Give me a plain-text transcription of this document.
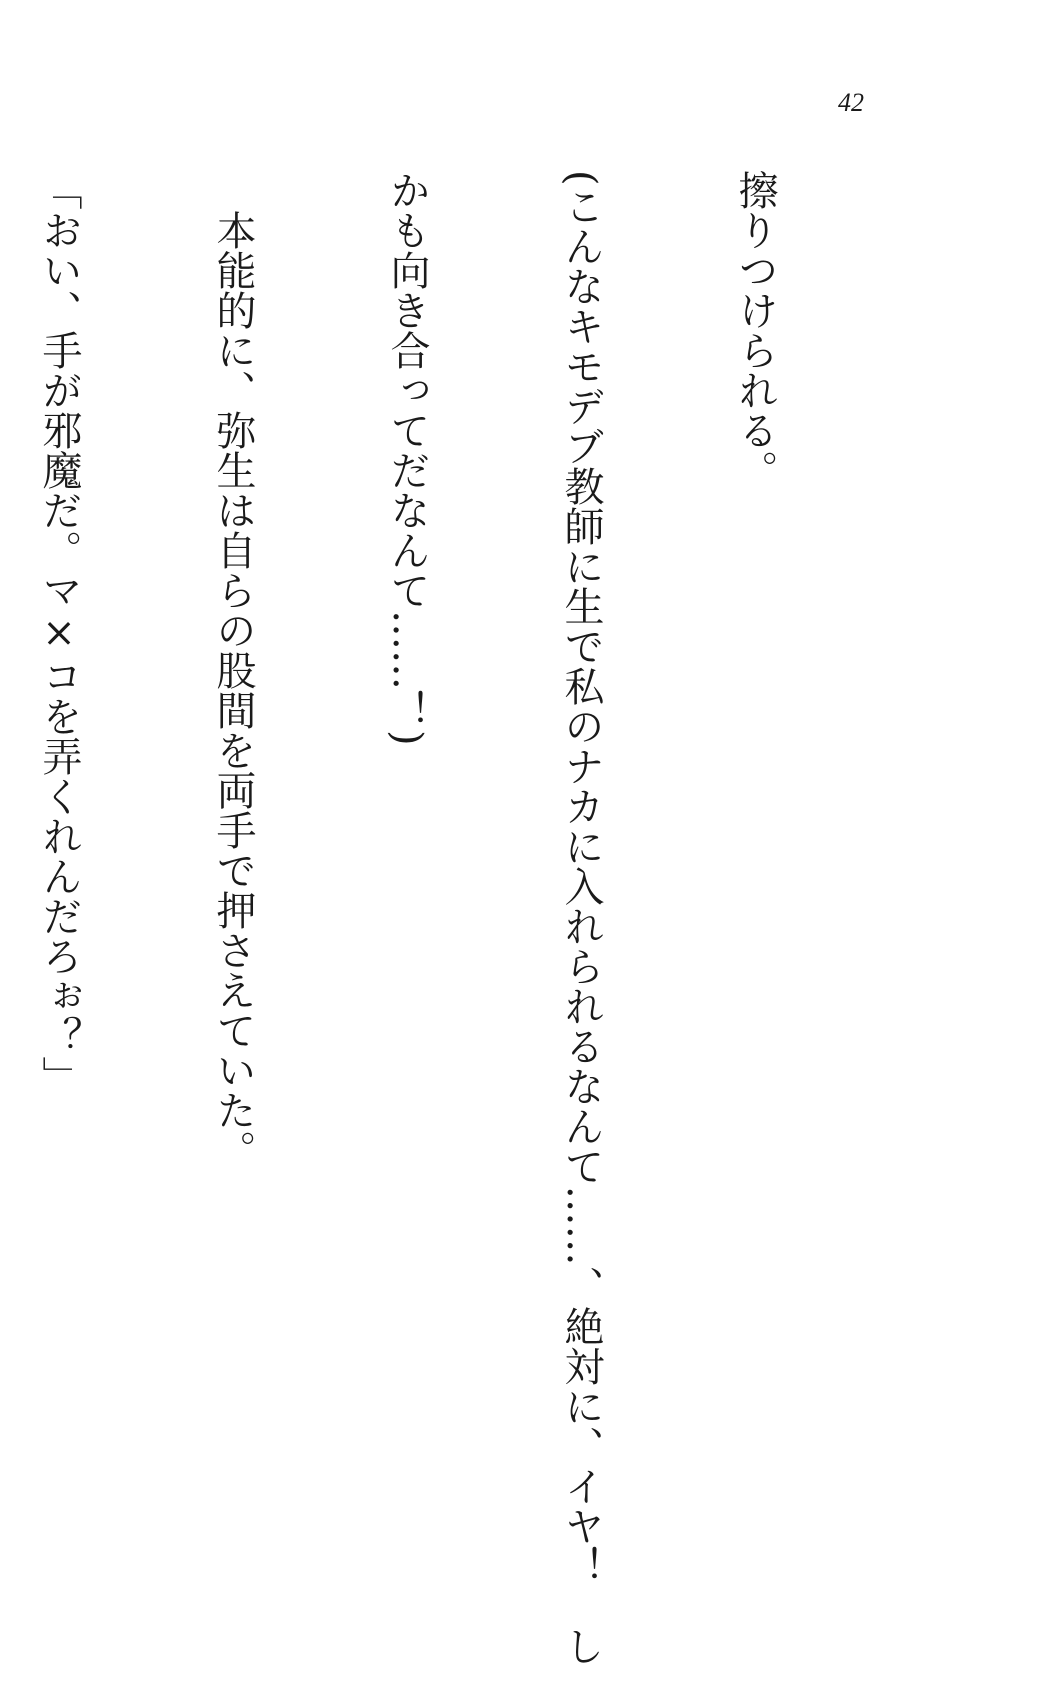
42

擦りつけられる。

(こんなキモデブ教師に生で私のナカに入れられるなんて……、絶対に、イヤ！　し

かも向き合ってだなんて……！)

　本能的に、弥生は自らの股間を両手で押さえていた。

「おい、手が邪魔だ。マ×コを弄くれんだろぉ？」
